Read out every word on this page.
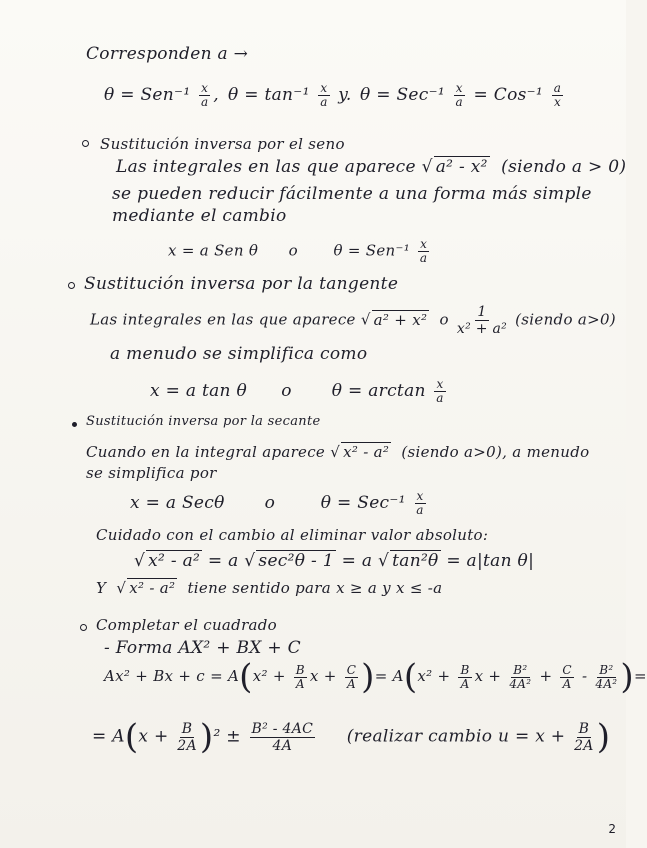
Corresponden a →
$\theta = Sen^{-1} \frac{x}{a}$ , $\theta = \tan^{-1} \frac{x}{a} y$. $\theta = Sec^{-1} \frac{x}{a} = Cos^{-1} \frac{a}{x}$
Sustitución inversa por el seno
Las integrales en las que aparece √ a² - x² (siendo a > 0)
se pueden reducir fácilmente a una forma más simple
mediante el cambio
x = a Sen θ o $\theta = Sen^{-1} \frac{x}{a}$
Sustitución inversa por la tangente
Las integrales en las que aparece √ a² + x² o $\frac{1}{\text{x² + a²}}$ (siendo a>0)
a menudo se simplifica como
x = a tan θ o $\theta = \arctan \frac{x}{a}$
Sustitución inversa por la secante
Cuando en la integral aparece √ x² - a² (siendo a>0), a menudo
se simplifica por
x = a Secθ o	$\theta = Sec^{-1} \frac{x}{a}$
Cuidado con el cambio al eliminar valor absoluto:
√ x² - a² = a √ sec²θ - 1 = a √ tan²θ = a|tan θ|
Y √ x² - a² tiene sentido para x ≥ a y x ≤ -a
Completar el cuadrado
- Forma AX² + BX + C
$Ax^2 + Bx + c = A(x^2 + \frac{B}{A}$ $x + \frac{C}{A}$ )= $A(x^2 + \frac{B}{A}$ $x + \frac{\text{B²}}{\text{4A²}} + \frac{C}{A} - \frac{\text{B²}}{\text{4A²}}$ )=
= $A(x + \frac{B}{2A} )^2 \pm \frac{\text{B² - 4AC}}{4A}$ (realizar cambio $u = x + \frac{B}{2A}$ )
2
